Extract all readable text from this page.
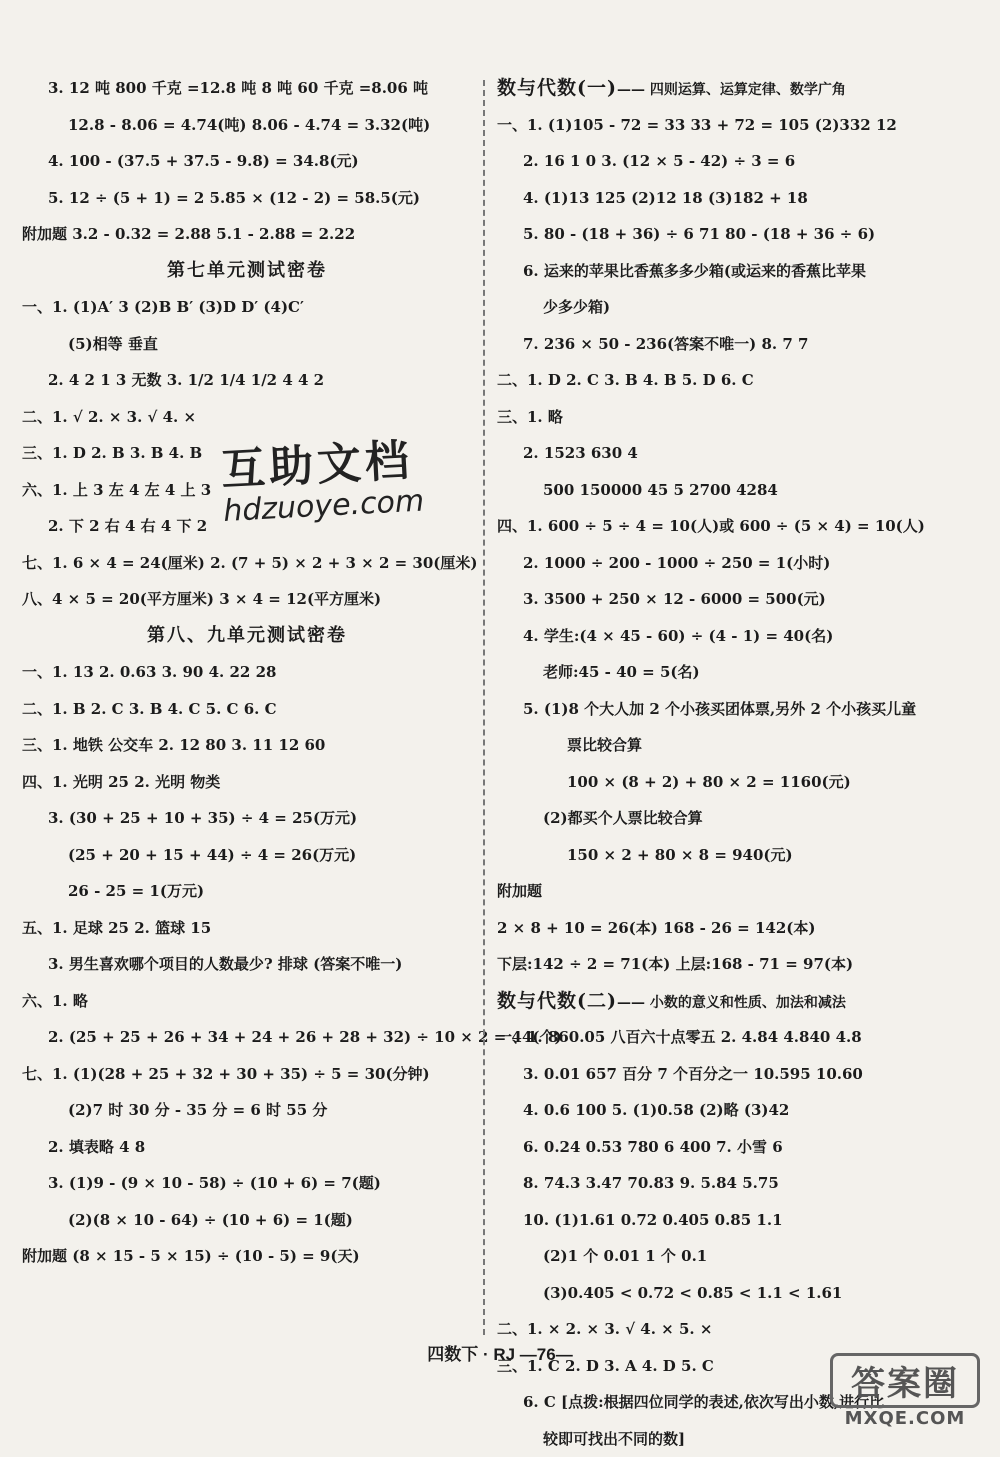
3. 12 吨 800 千克 =12.8 吨 8 吨 60 千克 =8.06 吨
12.8 - 8.06 = 4.74(吨) 8.06 - 4.74 = 3.32(吨)
4. 100 - (37.5 + 37.5 - 9.8) = 34.8(元)
5. 12 ÷ (5 + 1) = 2 5.85 × (12 - 2) = 58.5(元)
附加题 3.2 - 0.32 = 2.88 5.1 - 2.88 = 2.22
第七单元测试密卷
一、1. (1)A′ 3 (2)B B′ (3)D D′ (4)C′
(5)相等 垂直
2. 4 2 1 3 无数 3. 1/2 1/4 1/2 4 4 2
二、1. √ 2. × 3. √ 4. ×
三、1. D 2. B 3. B 4. B
六、1. 上 3 左 4 左 4 上 3
2. 下 2 右 4 右 4 下 2
七、1. 6 × 4 = 24(厘米) 2. (7 + 5) × 2 + 3 × 2 = 30(厘米)
八、4 × 5 = 20(平方厘米) 3 × 4 = 12(平方厘米)
第八、九单元测试密卷
一、1. 13 2. 0.63 3. 90 4. 22 28
二、1. B 2. C 3. B 4. C 5. C 6. C
三、1. 地铁 公交车 2. 12 80 3. 11 12 60
四、1. 光明 25 2. 光明 物类
3. (30 + 25 + 10 + 35) ÷ 4 = 25(万元)
(25 + 20 + 15 + 44) ÷ 4 = 26(万元)
26 - 25 = 1(万元)
五、1. 足球 25 2. 篮球 15
3. 男生喜欢哪个项目的人数最少? 排球 (答案不唯一)
六、1. 略
2. (25 + 25 + 26 + 34 + 24 + 26 + 28 + 32) ÷ 10 × 2 = 44(个)
七、1. (1)(28 + 25 + 32 + 30 + 35) ÷ 5 = 30(分钟)
(2)7 时 30 分 - 35 分 = 6 时 55 分
2. 填表略 4 8
3. (1)9 - (9 × 10 - 58) ÷ (10 + 6) = 7(题)
(2)(8 × 10 - 64) ÷ (10 + 6) = 1(题)
附加题 (8 × 15 - 5 × 15) ÷ (10 - 5) = 9(天)
数与代数(一)—— 四则运算、运算定律、数学广角
一、1. (1)105 - 72 = 33 33 + 72 = 105 (2)332 12
2. 16 1 0 3. (12 × 5 - 42) ÷ 3 = 6
4. (1)13 125 (2)12 18 (3)182 + 18
5. 80 - (18 + 36) ÷ 6 71 80 - (18 + 36 ÷ 6)
6. 运来的苹果比香蕉多多少箱(或运来的香蕉比苹果
少多少箱)
7. 236 × 50 - 236(答案不唯一) 8. 7 7
二、1. D 2. C 3. B 4. B 5. D 6. C
三、1. 略
2. 1523 630 4
500 150000 45 5 2700 4284
四、1. 600 ÷ 5 ÷ 4 = 10(人)或 600 ÷ (5 × 4) = 10(人)
2. 1000 ÷ 200 - 1000 ÷ 250 = 1(小时)
3. 3500 + 250 × 12 - 6000 = 500(元)
4. 学生:(4 × 45 - 60) ÷ (4 - 1) = 40(名)
老师:45 - 40 = 5(名)
5. (1)8 个大人加 2 个小孩买团体票,另外 2 个小孩买儿童
票比较合算
100 × (8 + 2) + 80 × 2 = 1160(元)
(2)都买个人票比较合算
150 × 2 + 80 × 8 = 940(元)
附加题
2 × 8 + 10 = 26(本) 168 - 26 = 142(本)
下层:142 ÷ 2 = 71(本) 上层:168 - 71 = 97(本)
数与代数(二)—— 小数的意义和性质、加法和减法
一、1. 860.05 八百六十点零五 2. 4.84 4.840 4.8
3. 0.01 657 百分 7 个百分之一 10.595 10.60
4. 0.6 100 5. (1)0.58 (2)略 (3)42
6. 0.24 0.53 780 6 400 7. 小雪 6
8. 74.3 3.47 70.83 9. 5.84 5.75
10. (1)1.61 0.72 0.405 0.85 1.1
(2)1 个 0.01 1 个 0.1
(3)0.405 < 0.72 < 0.85 < 1.1 < 1.61
二、1. × 2. × 3. √ 4. × 5. ×
三、1. C 2. D 3. A 4. D 5. C
6. C [点拨:根据四位同学的表述,依次写出小数,进行比
较即可找出不同的数]
互助文档
hdzuoye.com
四数下 · RJ —76—
答案圈
MXQE.COM
